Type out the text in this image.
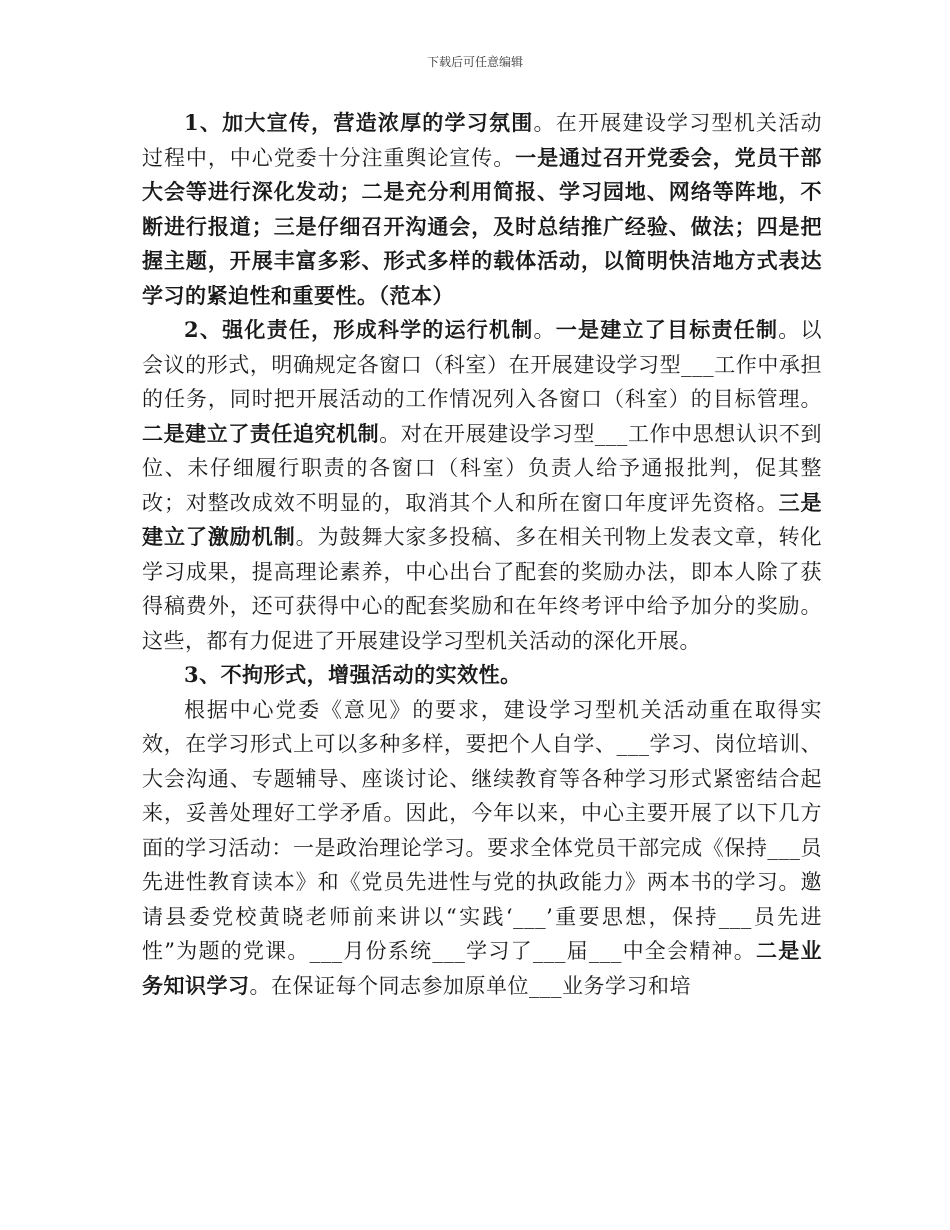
下载后可任意编辑

1、加大宣传，营造浓厚的学习氛围。在开展建设学习型机关活动过程中，中心党委十分注重舆论宣传。一是通过召开党委会，党员干部大会等进行深化发动；二是充分利用简报、学习园地、网络等阵地，不断进行报道；三是仔细召开沟通会，及时总结推广经验、做法；四是把握主题，开展丰富多彩、形式多样的载体活动，以简明快洁地方式表达学习的紧迫性和重要性。（范本）

2、强化责任，形成科学的运行机制。一是建立了目标责任制。以会议的形式，明确规定各窗口（科室）在开展建设学习型___工作中承担的任务，同时把开展活动的工作情况列入各窗口（科室）的目标管理。二是建立了责任追究机制。对在开展建设学习型___工作中思想认识不到位、未仔细履行职责的各窗口（科室）负责人给予通报批判，促其整改；对整改成效不明显的，取消其个人和所在窗口年度评先资格。三是建立了激励机制。为鼓舞大家多投稿、多在相关刊物上发表文章，转化学习成果，提高理论素养，中心出台了配套的奖励办法，即本人除了获得稿费外，还可获得中心的配套奖励和在年终考评中给予加分的奖励。这些，都有力促进了开展建设学习型机关活动的深化开展。

3、不拘形式，增强活动的实效性。

根据中心党委《意见》的要求，建设学习型机关活动重在取得实效，在学习形式上可以多种多样，要把个人自学、___学习、岗位培训、大会沟通、专题辅导、座谈讨论、继续教育等各种学习形式紧密结合起来，妥善处理好工学矛盾。因此，今年以来，中心主要开展了以下几方面的学习活动：一是政治理论学习。要求全体党员干部完成《保持___员先进性教育读本》和《党员先进性与党的执政能力》两本书的学习。邀请县委党校黄晓老师前来讲以“实践‘___’重要思想，保持___员先进性”为题的党课。___月份系统___学习了___届___中全会精神。二是业务知识学习。在保证每个同志参加原单位___业务学习和培
